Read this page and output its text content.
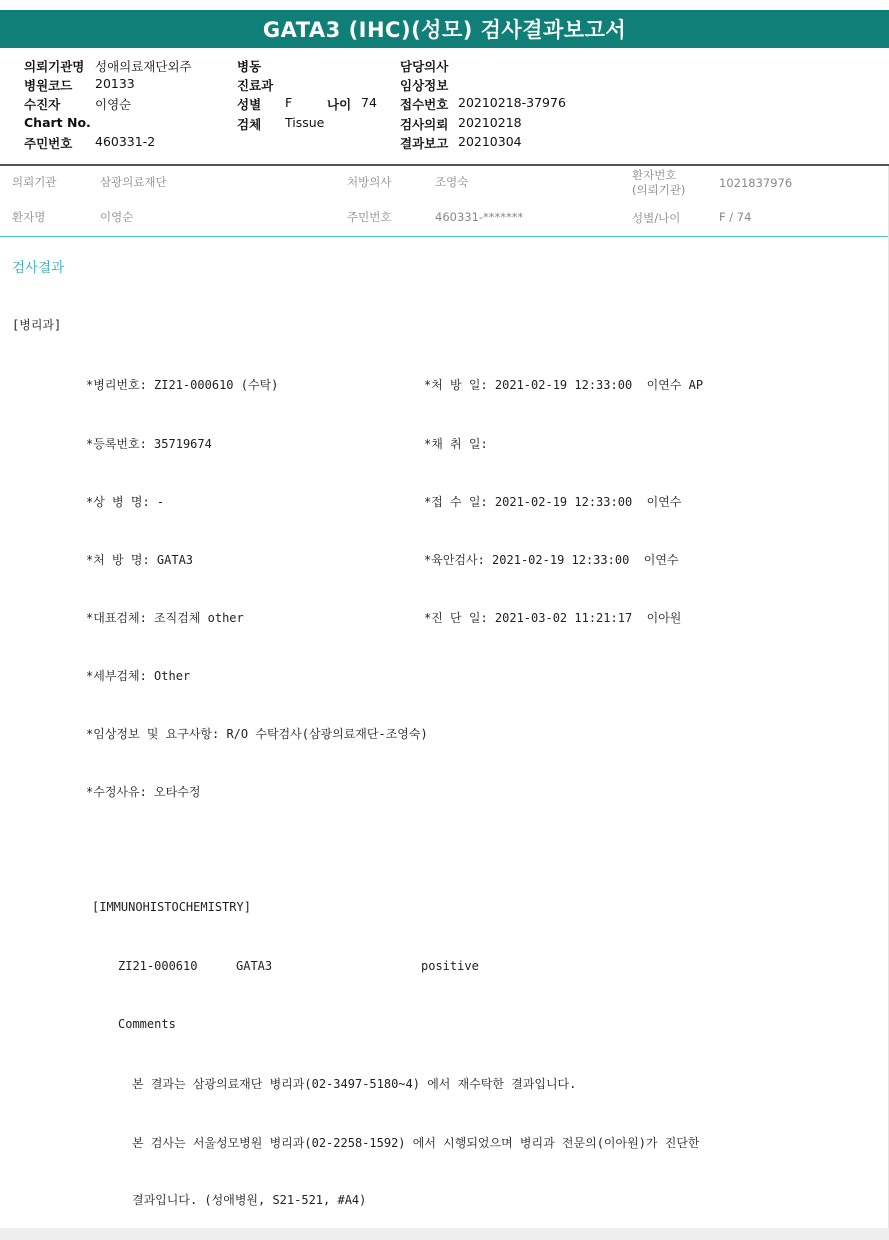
GATA3 (IHC)(성모) 검사결과보고서
의뢰기관명 성애의료재단외주
병원코드 20133
수진자	이영순
Chart No.
주민번호 460331-2
병동
진료과
성별 F	나이 74
검체 Tissue
담당의사
임상정보
접수번호 20210218-37976
검사의뢰 20210218
결과보고 20210304
의뢰기관	삼광의료재단	처방의사	조영숙	환자번호
(의뢰기관)	1021837976
환자명	이영순	주민번호	460331-*******	성별/나이	F / 74
검사결과
[병리과]
*병리번호: ZI21-000610 (수탁)
*등록번호: 35719674
*상 병 명: -
*처 방 명: GATA3
*대표검체: 조직검체 other
*세부검체: Other
*임상정보 및 요구사항: R/O 수탁검사(삼광의료재단-조영숙)
*수정사유: 오타수정
*처 방 일: 2021-02-19 12:33:00  이연수 AP
*채 취 일:
*접 수 일: 2021-02-19 12:33:00  이연수
*육안검사: 2021-02-19 12:33:00  이연수
*진 단 일: 2021-03-02 11:21:17  이아원
[IMMUNOHISTOCHEMISTRY]
ZI21-000610	GATA3	positive
Comments
본 결과는 삼광의료재단 병리과(02-3497-5180~4) 에서 재수탁한 결과입니다.
본 검사는 서울성모병원 병리과(02-2258-1592) 에서 시행되었으며 병리과 전문의(이아원)가 진단한
결과입니다. (성애병원, S21-521, #A4)
